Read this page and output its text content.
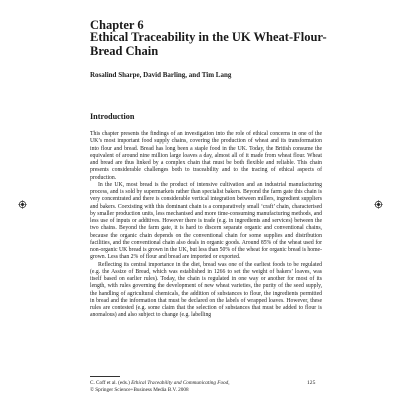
Chapter 6
Ethical Traceability in the UK Wheat-Flour-Bread Chain
Rosalind Sharpe, David Barling, and Tim Lang
Introduction

This chapter presents the findings of an investigation into the role of ethical concerns in one of the UK’s most important food supply chains, covering the production of wheat and its transformation into flour and bread. Bread has long been a staple food in the UK. Today, the British consume the equivalent of around nine million large loaves a day, almost all of it made from wheat flour. Wheat and bread are thus linked by a complex chain that must be both flexible and reliable. This chain presents considerable challenges both to traceability and to the tracing of ethical aspects of production.

In the UK, most bread is the product of intensive cultivation and an industrial manufacturing process, and is sold by supermarkets rather than specialist bakers. Beyond the farm gate this chain is very concentrated and there is considerable vertical integration between millers, ingredient suppliers and bakers. Coexisting with this dominant chain is a comparatively small ‘craft’ chain, characterised by smaller production units, less mechanised and more time-consuming manufacturing methods, and less use of inputs or additives. However there is trade (e.g. in ingredients and services) between the two chains. Beyond the farm gate, it is hard to discern separate organic and conventional chains, because the organic chain depends on the conventional chain for some supplies and distribution facilities, and the conventional chain also deals in organic goods. Around 85% of the wheat used for non-organic UK bread is grown in the UK, but less than 50% of the wheat for organic bread is home-grown. Less than 2% of flour and bread are imported or exported.

Reflecting its central importance in the diet, bread was one of the earliest foods to be regulated (e.g. the Assize of Bread, which was established in 1266 to set the weight of bakers’ loaves, was itself based on earlier rules). Today, the chain is regulated in one way or another for most of its length, with rules governing the development of new wheat varieties, the purity of the seed supply, the handling of agricultural chemicals, the addition of substances to flour, the ingredients permitted in bread and the information that must be declared on the labels of wrapped loaves. However, these rules are contested (e.g. some claim that the selection of substances that must be added to flour is anomalous) and also subject to change (e.g. labelling

C. Coff et al. (eds.) Ethical Traceability and Communicating Food,
© Springer Science+Business Media B.V. 2008
125
